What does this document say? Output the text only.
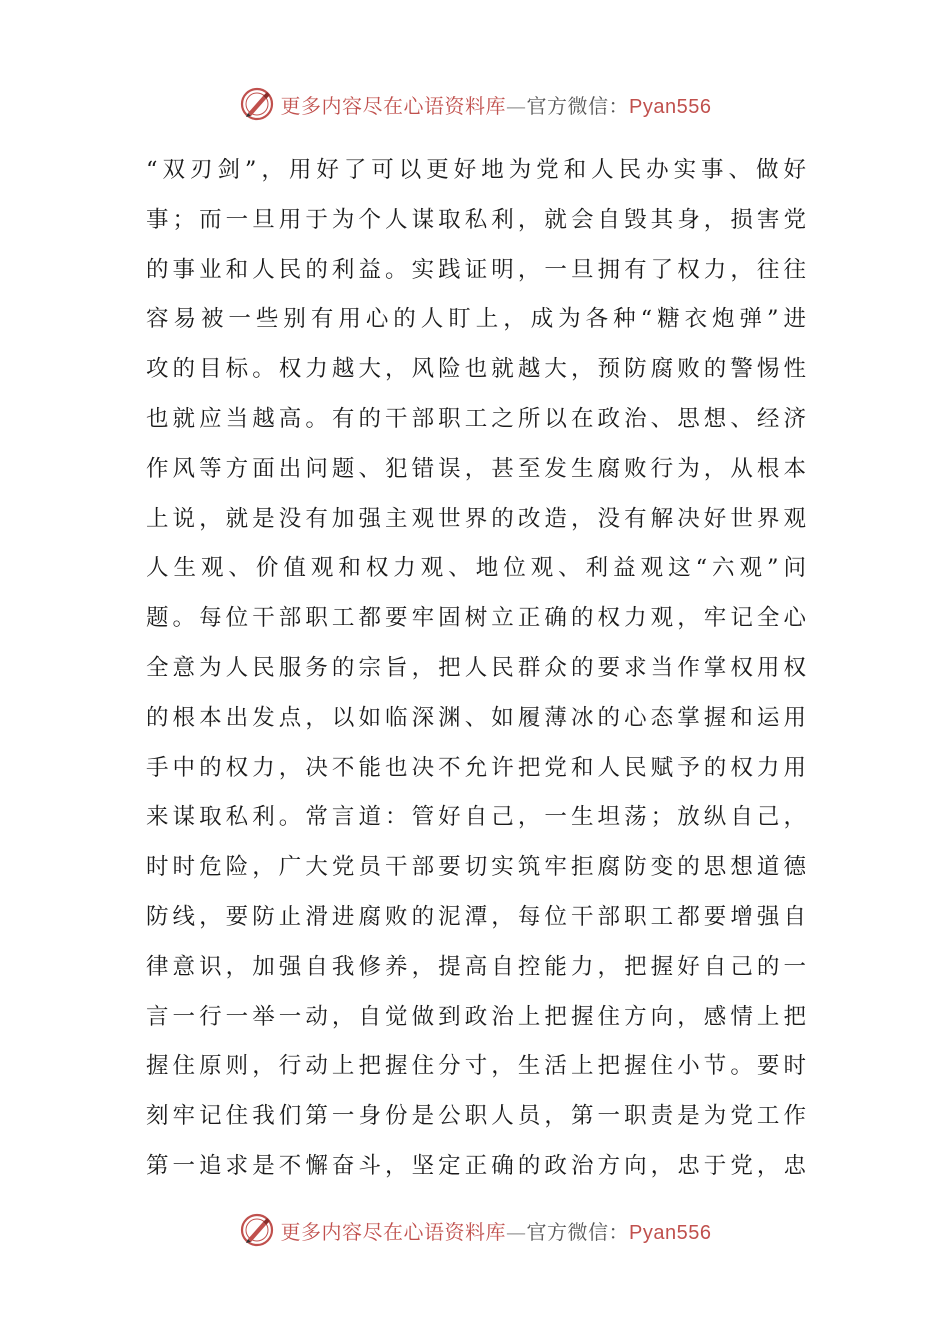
更多内容尽在心语资料库—官方微信：Pyan556
“双刃剑”，用好了可以更好地为党和人民办实事、做好
事；而一旦用于为个人谋取私利，就会自毁其身，损害党
的事业和人民的利益。实践证明，一旦拥有了权力，往往
容易被一些别有用心的人盯上，成为各种“糖衣炮弹”进
攻的目标。权力越大，风险也就越大，预防腐败的警惕性
也就应当越高。有的干部职工之所以在政治、思想、经济
作风等方面出问题、犯错误，甚至发生腐败行为，从根本
上说，就是没有加强主观世界的改造，没有解决好世界观
人生观、价值观和权力观、地位观、利益观这“六观”问
题。每位干部职工都要牢固树立正确的权力观，牢记全心
全意为人民服务的宗旨，把人民群众的要求当作掌权用权
的根本出发点，以如临深渊、如履薄冰的心态掌握和运用
手中的权力，决不能也决不允许把党和人民赋予的权力用
来谋取私利。常言道：管好自己，一生坦荡；放纵自己，
时时危险，广大党员干部要切实筑牢拒腐防变的思想道德
防线，要防止滑进腐败的泥潭，每位干部职工都要增强自
律意识，加强自我修养，提高自控能力，把握好自己的一
言一行一举一动，自觉做到政治上把握住方向，感情上把
握住原则，行动上把握住分寸，生活上把握住小节。要时
刻牢记住我们第一身份是公职人员，第一职责是为党工作
第一追求是不懈奋斗，坚定正确的政治方向，忠于党，忠
更多内容尽在心语资料库—官方微信：Pyan556
